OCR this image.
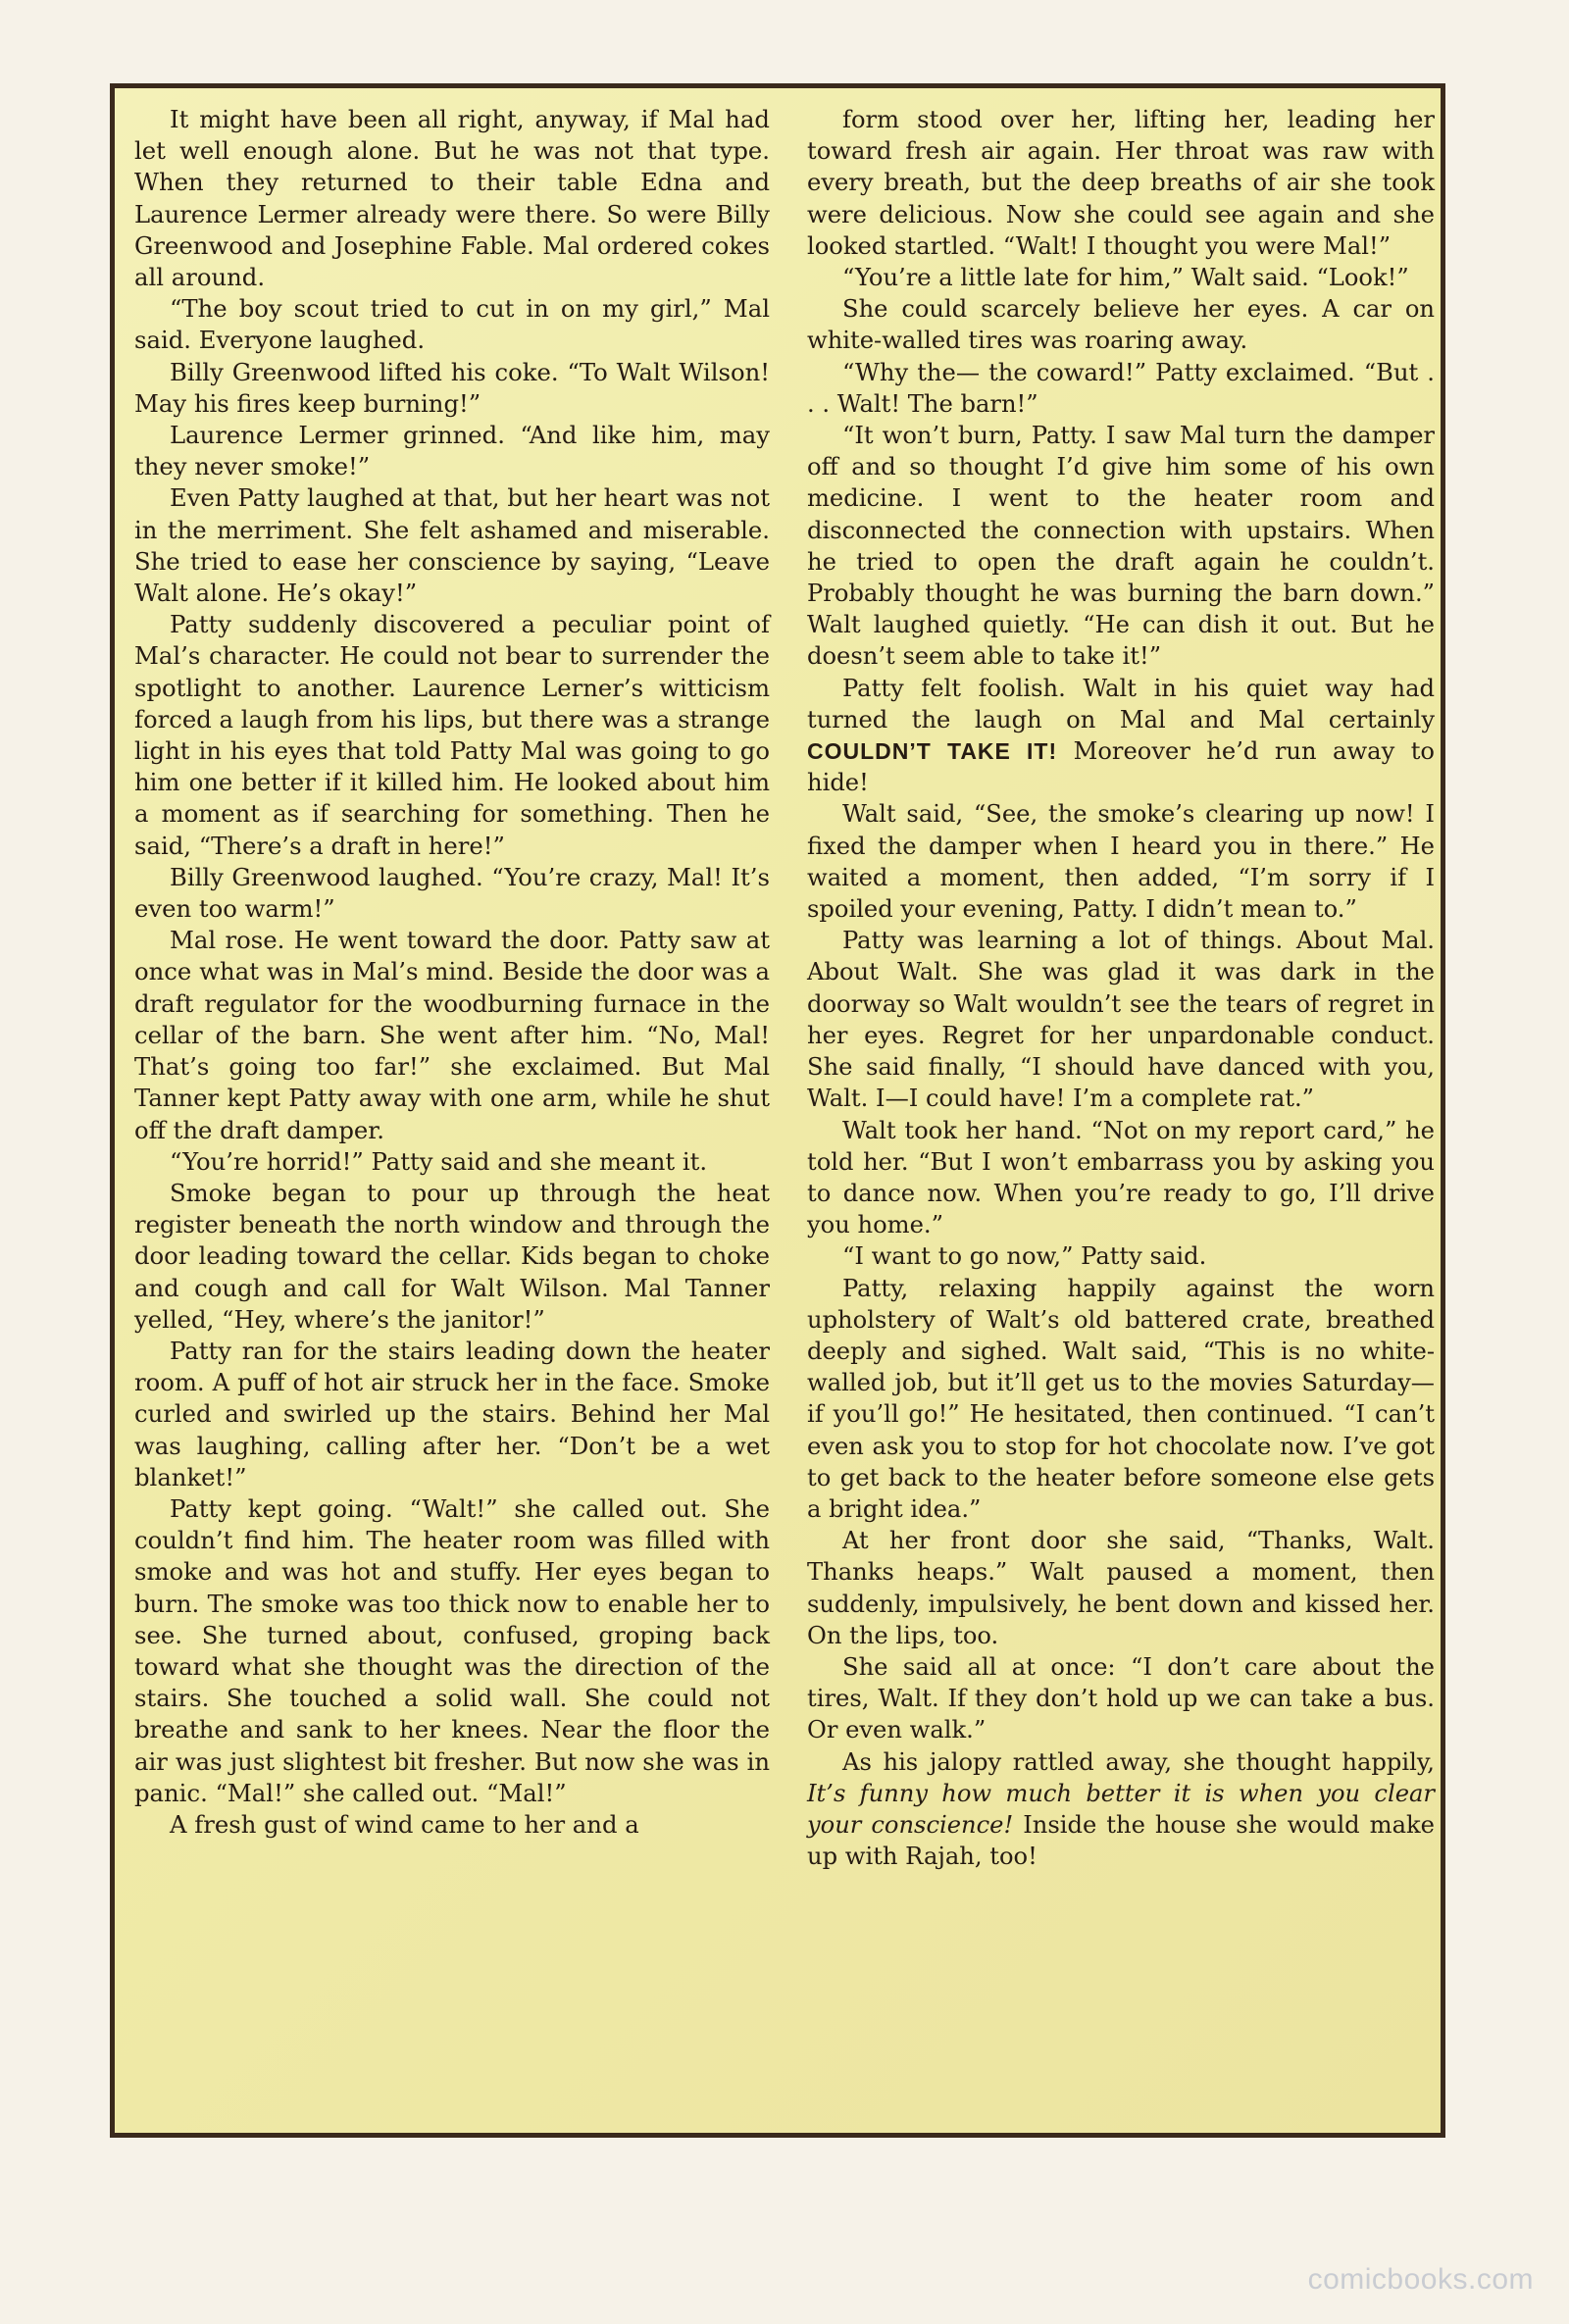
It might have been all right, anyway, if Mal had let well enough alone. But he was not that type. When they returned to their table Edna and Laurence Lermer already were there. So were Billy Greenwood and Josephine Fable. Mal ordered cokes all around.

“The boy scout tried to cut in on my girl,” Mal said. Everyone laughed.

Billy Greenwood lifted his coke. “To Walt Wilson! May his fires keep burning!”

Laurence Lermer grinned. “And like him, may they never smoke!”

Even Patty laughed at that, but her heart was not in the merriment. She felt ashamed and miserable. She tried to ease her conscience by saying, “Leave Walt alone. He’s okay!”

Patty suddenly discovered a peculiar point of Mal’s character. He could not bear to surrender the spotlight to another. Laurence Lerner’s witticism forced a laugh from his lips, but there was a strange light in his eyes that told Patty Mal was going to go him one better if it killed him. He looked about him a moment as if searching for something. Then he said, “There’s a draft in here!”

Billy Greenwood laughed. “You’re crazy, Mal! It’s even too warm!”

Mal rose. He went toward the door. Patty saw at once what was in Mal’s mind. Beside the door was a draft regulator for the woodburning furnace in the cellar of the barn. She went after him. “No, Mal! That’s going too far!” she exclaimed. But Mal Tanner kept Patty away with one arm, while he shut off the draft damper.

“You’re horrid!” Patty said and she meant it.

Smoke began to pour up through the heat register beneath the north window and through the door leading toward the cellar. Kids began to choke and cough and call for Walt Wilson. Mal Tanner yelled, “Hey, where’s the janitor!”

Patty ran for the stairs leading down the heater room. A puff of hot air struck her in the face. Smoke curled and swirled up the stairs. Behind her Mal was laughing, calling after her. “Don’t be a wet blanket!”

Patty kept going. “Walt!” she called out. She couldn’t find him. The heater room was filled with smoke and was hot and stuffy. Her eyes began to burn. The smoke was too thick now to enable her to see. She turned about, confused, groping back toward what she thought was the direction of the stairs. She touched a solid wall. She could not breathe and sank to her knees. Near the floor the air was just slightest bit fresher. But now she was in panic. “Mal!” she called out. “Mal!”

A fresh gust of wind came to her and a

form stood over her, lifting her, leading her toward fresh air again. Her throat was raw with every breath, but the deep breaths of air she took were delicious. Now she could see again and she looked startled. “Walt! I thought you were Mal!”

“You’re a little late for him,” Walt said. “Look!”

She could scarcely believe her eyes. A car on white-walled tires was roaring away.

“Why the— the coward!” Patty exclaimed. “But . . . Walt! The barn!”

“It won’t burn, Patty. I saw Mal turn the damper off and so thought I’d give him some of his own medicine. I went to the heater room and disconnected the connection with upstairs. When he tried to open the draft again he couldn’t. Probably thought he was burning the barn down.” Walt laughed quietly. “He can dish it out. But he doesn’t seem able to take it!”

Patty felt foolish. Walt in his quiet way had turned the laugh on Mal and Mal certainly COULDN’T TAKE IT! Moreover he’d run away to hide!

Walt said, “See, the smoke’s clearing up now! I fixed the damper when I heard you in there.” He waited a moment, then added, “I’m sorry if I spoiled your evening, Patty. I didn’t mean to.”

Patty was learning a lot of things. About Mal. About Walt. She was glad it was dark in the doorway so Walt wouldn’t see the tears of regret in her eyes. Regret for her unpardonable conduct. She said finally, “I should have danced with you, Walt. I—I could have! I’m a complete rat.”

Walt took her hand. “Not on my report card,” he told her. “But I won’t embarrass you by asking you to dance now. When you’re ready to go, I’ll drive you home.”

“I want to go now,” Patty said.

Patty, relaxing happily against the worn upholstery of Walt’s old battered crate, breathed deeply and sighed. Walt said, “This is no white-walled job, but it’ll get us to the movies Saturday—if you’ll go!” He hesitated, then continued. “I can’t even ask you to stop for hot chocolate now. I’ve got to get back to the heater before someone else gets a bright idea.”

At her front door she said, “Thanks, Walt. Thanks heaps.” Walt paused a moment, then suddenly, impulsively, he bent down and kissed her. On the lips, too.

She said all at once: “I don’t care about the tires, Walt. If they don’t hold up we can take a bus. Or even walk.”

As his jalopy rattled away, she thought happily, It’s funny how much better it is when you clear your conscience! Inside the house she would make up with Rajah, too!

comicbooks.com
